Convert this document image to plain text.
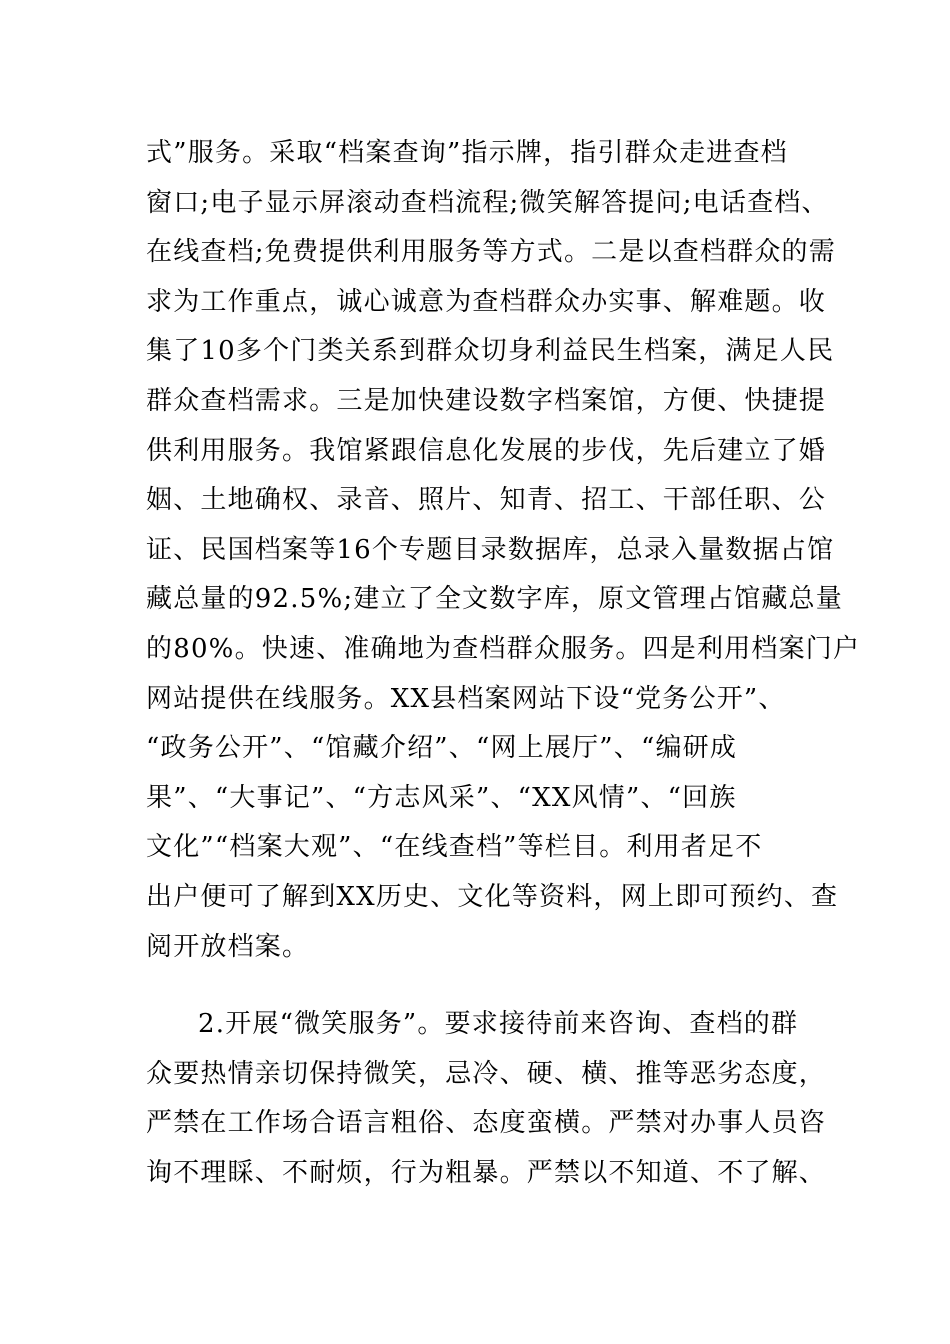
式”服务。采取“档案查询”指示牌，指引群众走进查档
窗口;电子显示屏滚动查档流程;微笑解答提问;电话查档、
在线查档;免费提供利用服务等方式。二是以查档群众的需
求为工作重点，诚心诚意为查档群众办实事、解难题。收
集了10多个门类关系到群众切身利益民生档案，满足人民
群众查档需求。三是加快建设数字档案馆，方便、快捷提
供利用服务。我馆紧跟信息化发展的步伐，先后建立了婚
姻、土地确权、录音、照片、知青、招工、干部任职、公
证、民国档案等16个专题目录数据库，总录入量数据占馆
藏总量的92.5%;建立了全文数字库，原文管理占馆藏总量
的80%。快速、准确地为查档群众服务。四是利用档案门户
网站提供在线服务。XX县档案网站下设“党务公开”、
“政务公开”、“馆藏介绍”、“网上展厅”、“编研成
果”、“大事记”、“方志风采”、“XX风情”、“回族
文化”“档案大观”、“在线查档”等栏目。利用者足不
出户便可了解到XX历史、文化等资料，网上即可预约、查
阅开放档案。
2.开展“微笑服务”。要求接待前来咨询、查档的群
众要热情亲切保持微笑，忌冷、硬、横、推等恶劣态度，
严禁在工作场合语言粗俗、态度蛮横。严禁对办事人员咨
询不理睬、不耐烦，行为粗暴。严禁以不知道、不了解、
